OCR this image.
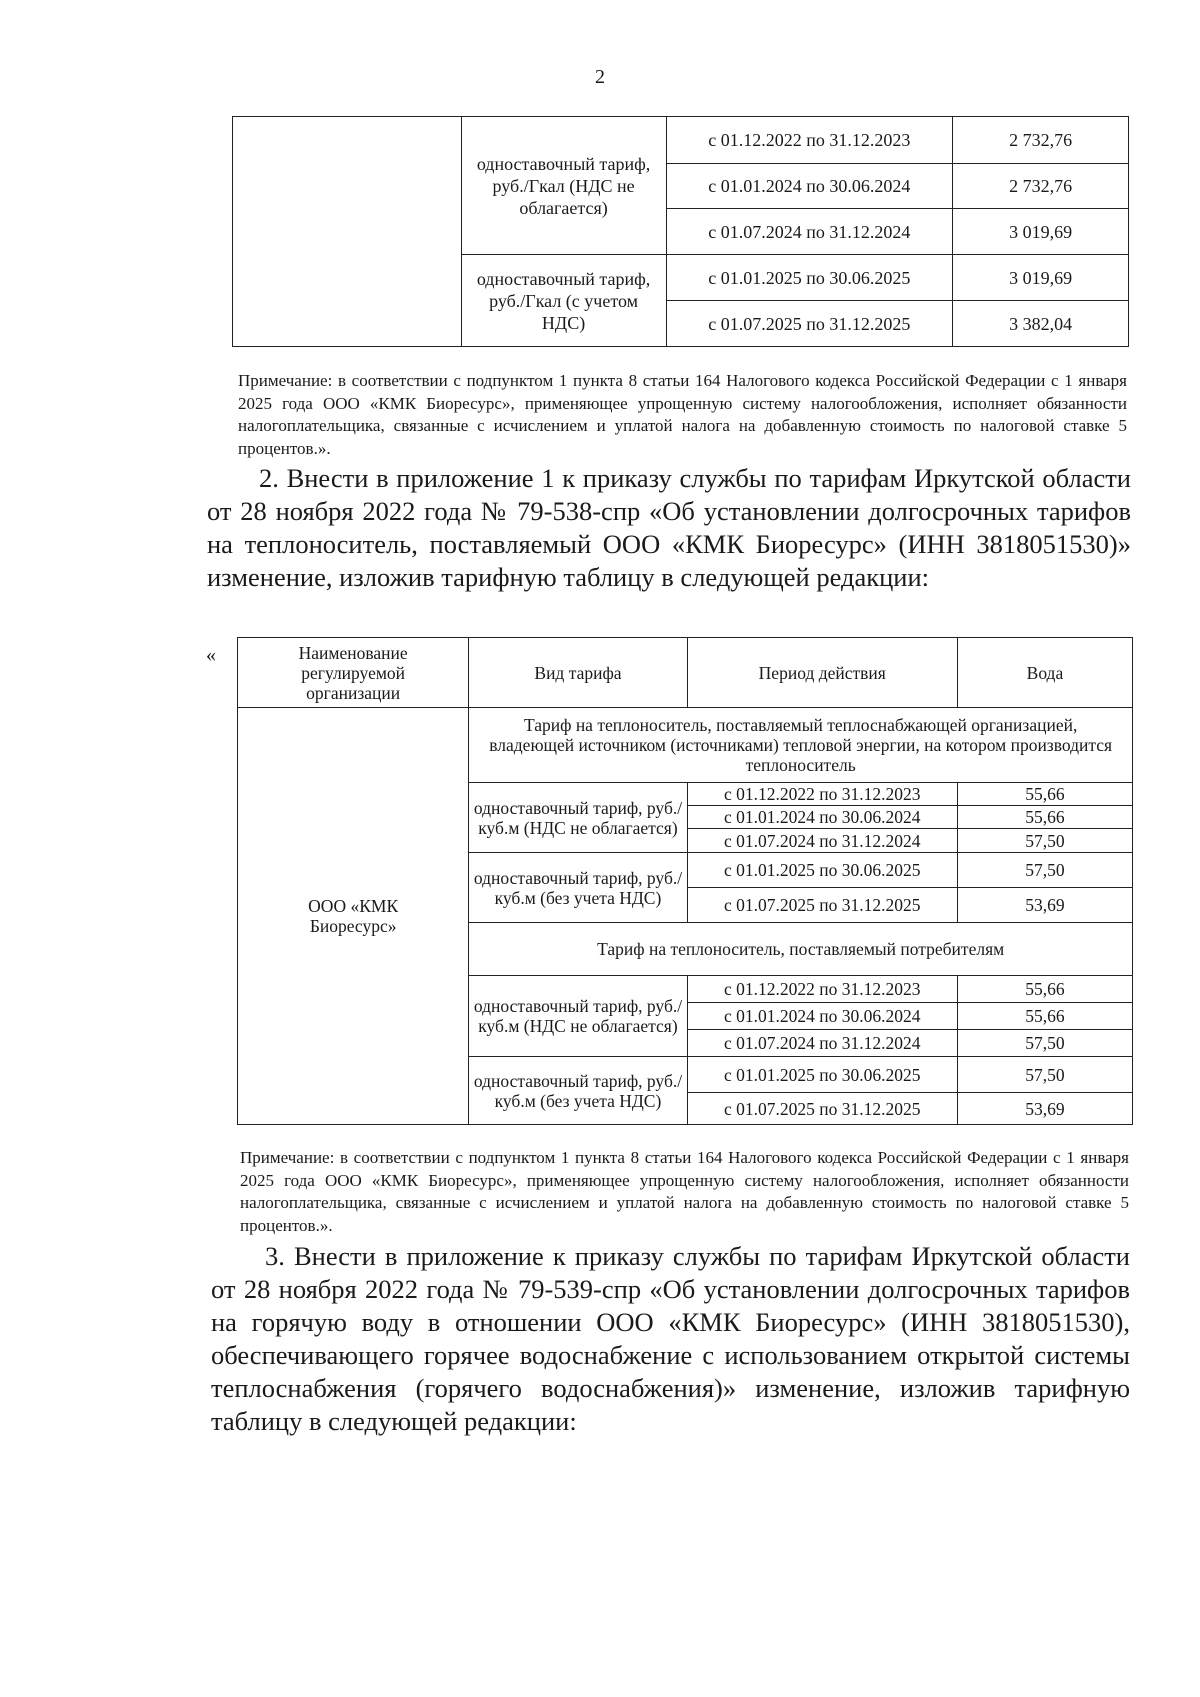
2
	одноставочный тариф, руб./Гкал (НДС не облагается)	с 01.12.2022 по 31.12.2023	2 732,76
		с 01.01.2024 по 30.06.2024	2 732,76
		с 01.07.2024 по 31.12.2024	3 019,69
	одноставочный тариф, руб./Гкал (с учетом НДС)	с 01.01.2025 по 30.06.2025	3 019,69
		с 01.07.2025 по 31.12.2025	3 382,04
Примечание: в соответствии с подпунктом 1 пункта 8 статьи 164 Налогового кодекса Российской Федерации с 1 января 2025 года ООО «КМК Биоресурс», применяющее упрощенную систему налогообложения, исполняет обязанности налогоплательщика, связанные с исчислением и уплатой налога на добавленную стоимость по налоговой ставке 5 процентов.».
2. Внести в приложение 1 к приказу службы по тарифам Иркутской области от 28 ноября 2022 года № 79-538-спр «Об установлении долгосрочных тарифов на теплоноситель, поставляемый ООО «КМК Биоресурс» (ИНН 3818051530)» изменение, изложив тарифную таблицу в следующей редакции:
«	Наименование регулируемой организации	Вид тарифа	Период действия	Вода
ООО «КМК Биоресурс»	Тариф на теплоноситель, поставляемый теплоснабжающей организацией, владеющей источником (источниками) тепловой энергии, на котором производится теплоноситель		
	одноставочный тариф, руб./куб.м (НДС не облагается)	с 01.12.2022 по 31.12.2023	55,66
		с 01.01.2024 по 30.06.2024	55,66
		с 01.07.2024 по 31.12.2024	57,50
	одноставочный тариф, руб./куб.м (без учета НДС)	с 01.01.2025 по 30.06.2025	57,50
		с 01.07.2025 по 31.12.2025	53,69
	Тариф на теплоноситель, поставляемый потребителям		
	одноставочный тариф, руб./куб.м (НДС не облагается)	с 01.12.2022 по 31.12.2023	55,66
		с 01.01.2024 по 30.06.2024	55,66
		с 01.07.2024 по 31.12.2024	57,50
	одноставочный тариф, руб./куб.м (без учета НДС)	с 01.01.2025 по 30.06.2025	57,50
		с 01.07.2025 по 31.12.2025	53,69
Примечание: в соответствии с подпунктом 1 пункта 8 статьи 164 Налогового кодекса Российской Федерации с 1 января 2025 года ООО «КМК Биоресурс», применяющее упрощенную систему налогообложения, исполняет обязанности налогоплательщика, связанные с исчислением и уплатой налога на добавленную стоимость по налоговой ставке 5 процентов.».
3. Внести в приложение к приказу службы по тарифам Иркутской области от 28 ноября 2022 года № 79-539-спр «Об установлении долгосрочных тарифов на горячую воду в отношении ООО «КМК Биоресурс» (ИНН 3818051530), обеспечивающего горячее водоснабжение с использованием открытой системы теплоснабжения (горячего водоснабжения)» изменение, изложив тарифную таблицу в следующей редакции:
